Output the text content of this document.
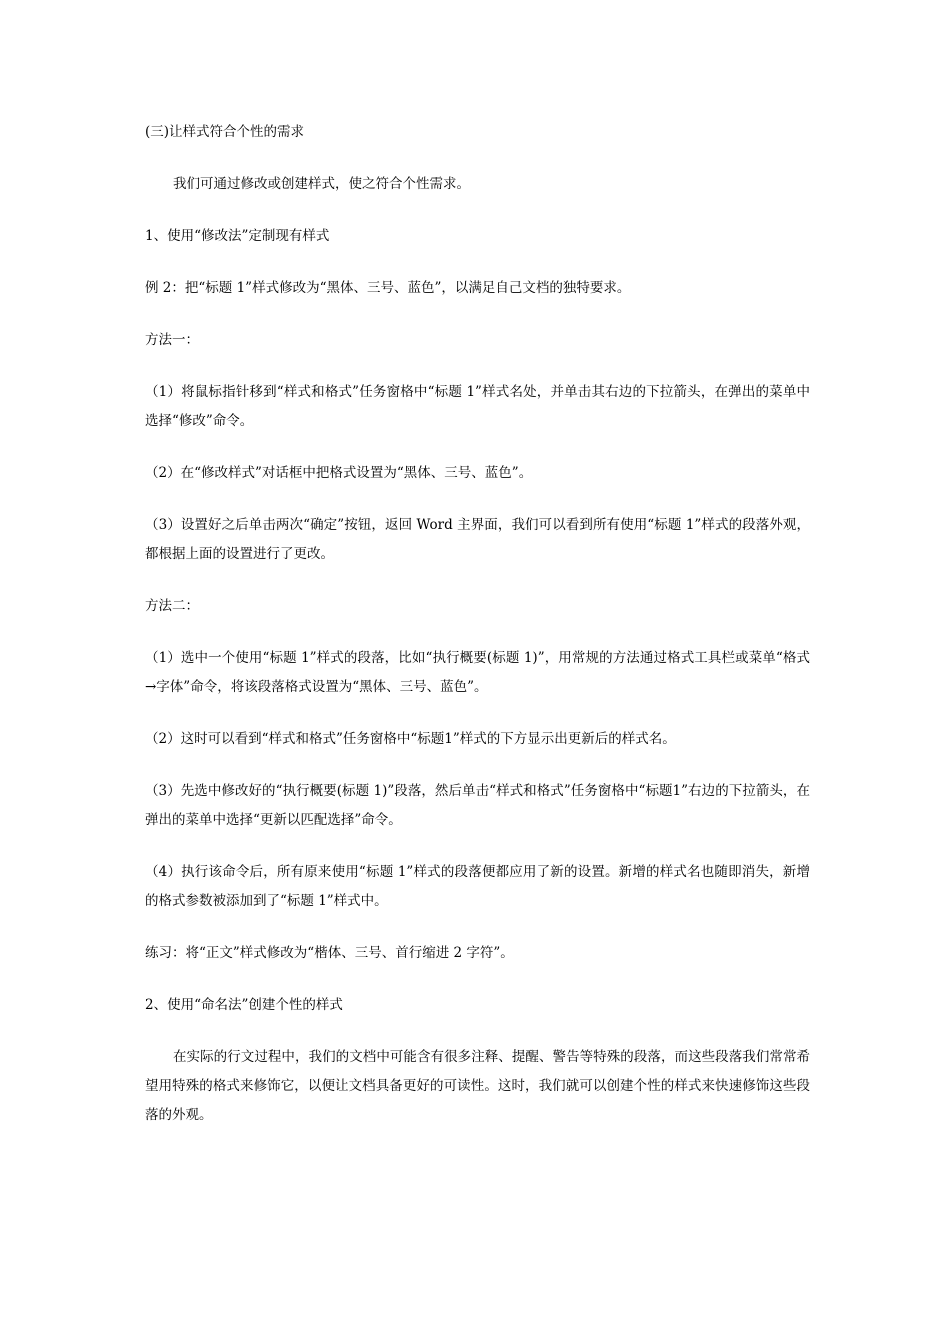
(三)让样式符合个性的需求

我们可通过修改或创建样式，使之符合个性需求。

1、使用“修改法”定制现有样式

例 2：把“标题 1”样式修改为“黑体、三号、蓝色”，以满足自己文档的独特要求。

方法一：

（1）将鼠标指针移到“样式和格式”任务窗格中“标题 1”样式名处，并单击其右边的下拉箭头，在弹出的菜单中选择“修改”命令。

（2）在“修改样式”对话框中把格式设置为“黑体、三号、蓝色”。

（3）设置好之后单击两次“确定”按钮，返回 Word 主界面，我们可以看到所有使用“标题 1”样式的段落外观，都根据上面的设置进行了更改。

方法二：

（1）选中一个使用“标题 1”样式的段落，比如“执行概要(标题 1)”，用常规的方法通过格式工具栏或菜单“格式→字体”命令，将该段落格式设置为“黑体、三号、蓝色”。

（2）这时可以看到“样式和格式”任务窗格中“标题1”样式的下方显示出更新后的样式名。

（3）先选中修改好的“执行概要(标题 1)”段落，然后单击“样式和格式”任务窗格中“标题1”右边的下拉箭头，在弹出的菜单中选择“更新以匹配选择”命令。

（4）执行该命令后，所有原来使用“标题 1”样式的段落便都应用了新的设置。新增的样式名也随即消失，新增的格式参数被添加到了“标题 1”样式中。

练习：将“正文”样式修改为“楷体、三号、首行缩进 2 字符”。

2、使用“命名法”创建个性的样式

在实际的行文过程中，我们的文档中可能含有很多注释、提醒、警告等特殊的段落，而这些段落我们常常希望用特殊的格式来修饰它，以便让文档具备更好的可读性。这时，我们就可以创建个性的样式来快速修饰这些段落的外观。
